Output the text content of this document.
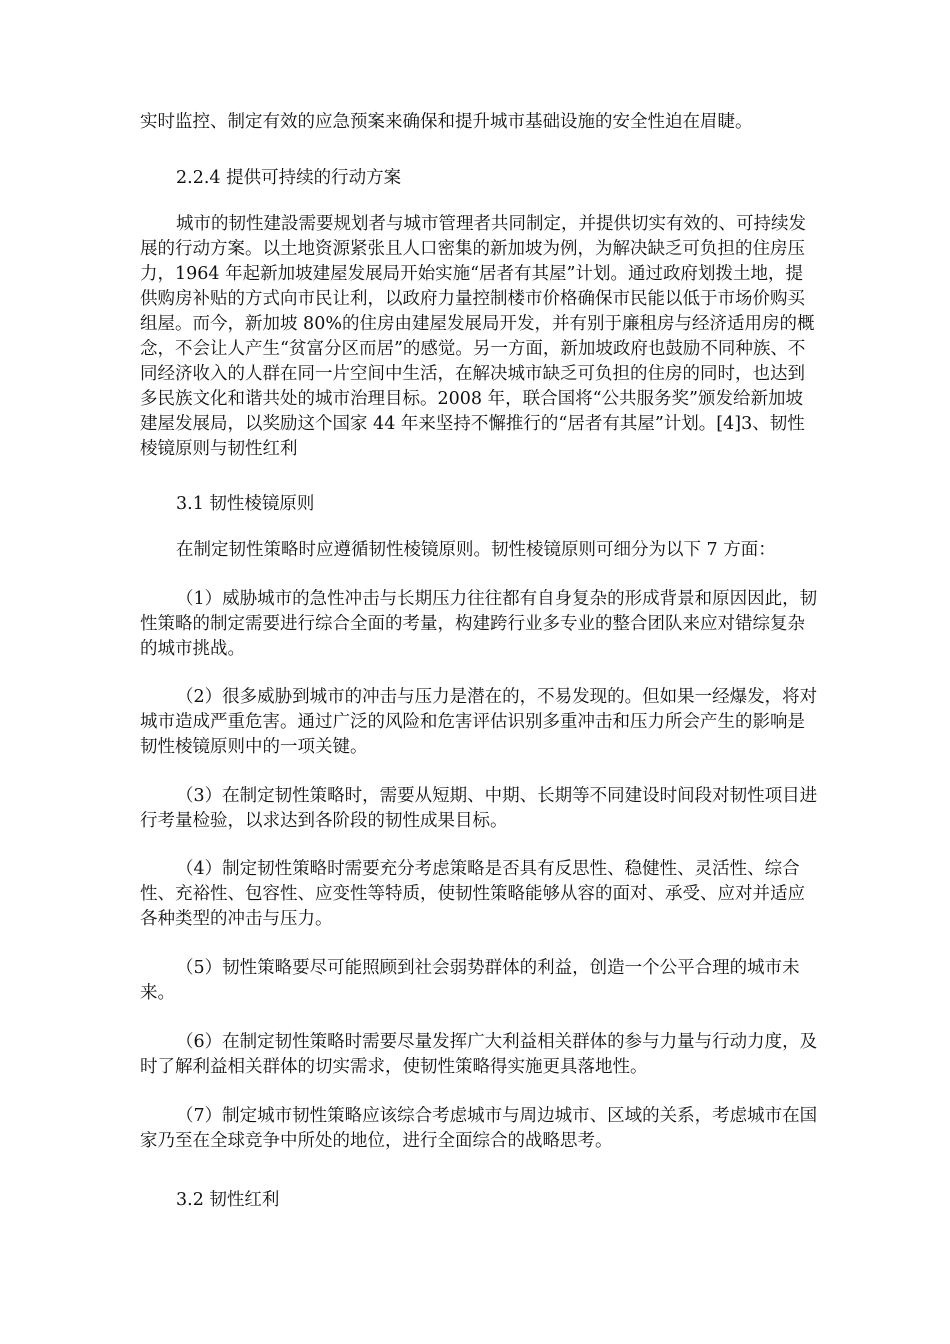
实时监控、制定有效的应急预案来确保和提升城市基础设施的安全性迫在眉睫。

2.2.4 提供可持续的行动方案

城市的韧性建設需要规划者与城市管理者共同制定，并提供切实有效的、可持续发展的行动方案。以土地资源紧张且人口密集的新加坡为例，为解决缺乏可负担的住房压力，1964 年起新加坡建屋发展局开始实施“居者有其屋”计划。通过政府划拨土地，提供购房补贴的方式向市民让利，以政府力量控制楼市价格确保市民能以低于市场价购买组屋。而今，新加坡 80%的住房由建屋发展局开发，并有别于廉租房与经济适用房的概念，不会让人产生“贫富分区而居”的感觉。另一方面，新加坡政府也鼓励不同种族、不同经济收入的人群在同一片空间中生活，在解决城市缺乏可负担的住房的同时，也达到多民族文化和谐共处的城市治理目标。2008 年，联合国将“公共服务奖”颁发给新加坡建屋发展局，以奖励这个国家 44 年来坚持不懈推行的“居者有其屋”计划。[4]3、韧性棱镜原则与韧性红利

3.1 韧性棱镜原则

在制定韧性策略时应遵循韧性棱镜原则。韧性棱镜原则可细分为以下 7 方面：

（1）威胁城市的急性冲击与长期压力往往都有自身复杂的形成背景和原因因此，韧性策略的制定需要进行综合全面的考量，构建跨行业多专业的整合团队来应对错综复杂的城市挑战。

（2）很多威胁到城市的冲击与压力是潜在的，不易发现的。但如果一经爆发，将对城市造成严重危害。通过广泛的风险和危害评估识别多重冲击和压力所会产生的影响是韧性棱镜原则中的一项关键。

（3）在制定韧性策略时，需要从短期、中期、长期等不同建设时间段对韧性项目进行考量检验，以求达到各阶段的韧性成果目标。

（4）制定韧性策略时需要充分考虑策略是否具有反思性、稳健性、灵活性、综合性、充裕性、包容性、应变性等特质，使韧性策略能够从容的面对、承受、应对并适应各种类型的冲击与压力。

（5）韧性策略要尽可能照顾到社会弱势群体的利益，创造一个公平合理的城市未来。

（6）在制定韧性策略时需要尽量发挥广大利益相关群体的参与力量与行动力度，及时了解利益相关群体的切实需求，使韧性策略得实施更具落地性。

（7）制定城市韧性策略应该综合考虑城市与周边城市、区域的关系，考虑城市在国家乃至在全球竞争中所处的地位，进行全面综合的战略思考。

3.2 韧性红利
